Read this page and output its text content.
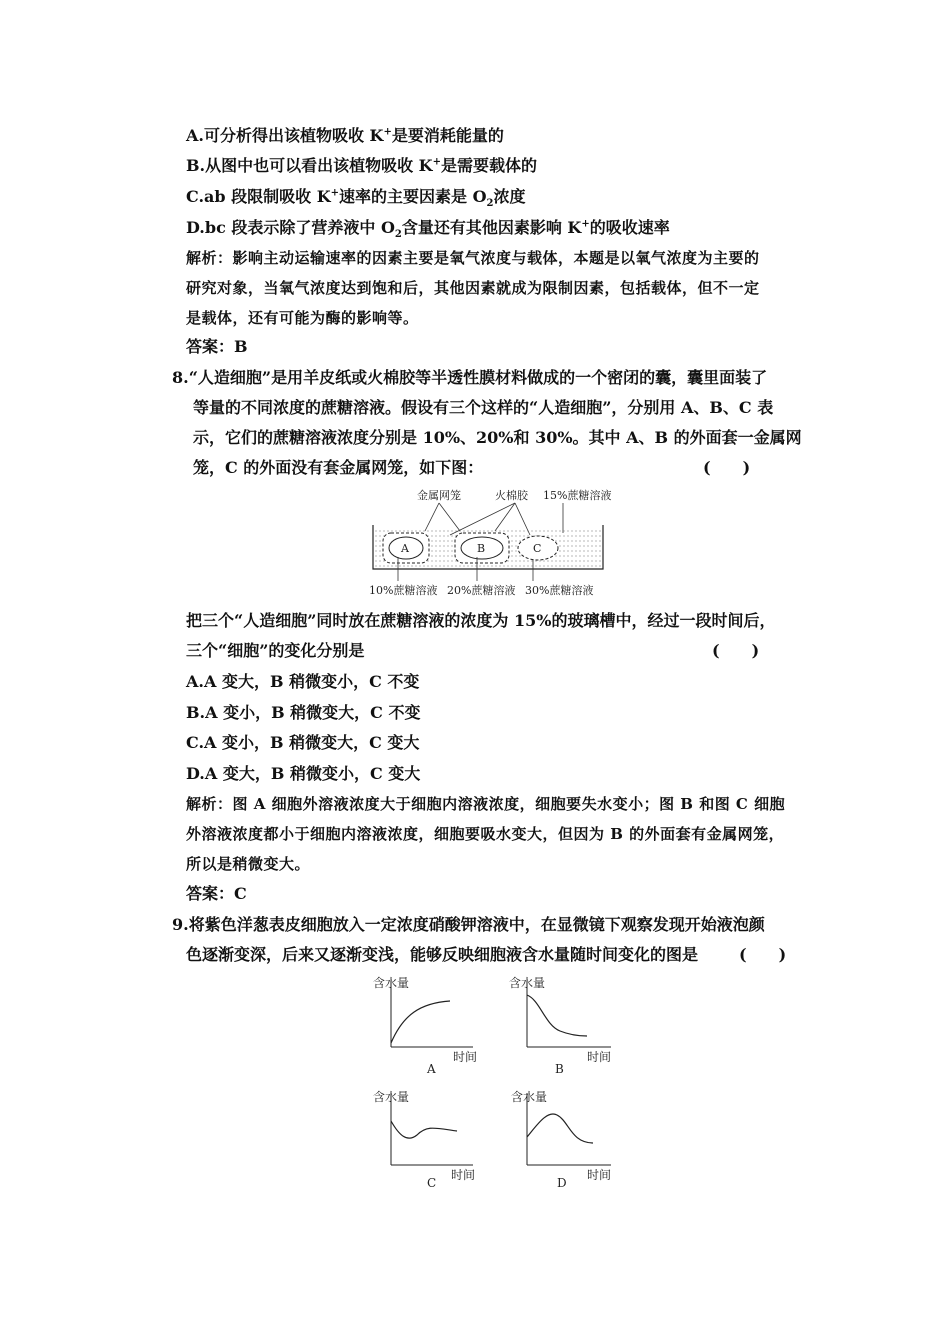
A.可分析得出该植物吸收 K+是要消耗能量的
B.从图中也可以看出该植物吸收 K+是需要载体的
C.ab 段限制吸收 K+速率的主要因素是 $O_2$浓度
D.bc 段表示除了营养液中 $O_2$含量还有其他因素影响 K+的吸收速率
解析：影响主动运输速率的因素主要是氧气浓度与载体，本题是以氧气浓度为主要的
研究对象，当氧气浓度达到饱和后，其他因素就成为限制因素，包括载体，但不一定
是载体，还有可能为酶的影响等。
答案：B
8.“人造细胞”是用羊皮纸或火棉胶等半透性膜材料做成的一个密闭的囊，囊里面装了
等量的不同浓度的蔗糖溶液。假设有三个这样的“人造细胞”，分别用 A、B、C 表
示，它们的蔗糖溶液浓度分别是 10%、20%和 30%。其中 A、B 的外面套一金属网
笼，C 的外面没有套金属网笼，如下图：	(　　)
金属网笼	火棉胶 15%蔗糖溶液
A	B	C
10%蔗糖溶液 20%蔗糖溶液 30%蔗糖溶液
把三个“人造细胞”同时放在蔗糖溶液的浓度为 15%的玻璃槽中，经过一段时间后，
三个“细胞”的变化分别是	(　　)
A.A 变大，B 稍微变小，C 不变
B.A 变小，B 稍微变大，C 不变
C.A 变小，B 稍微变大，C 变大
D.A 变大，B 稍微变小，C 变大
解析：图 A 细胞外溶液浓度大于细胞内溶液浓度，细胞要失水变小；图 B 和图 C 细胞
外溶液浓度都小于细胞内溶液浓度，细胞要吸水变大，但因为 B 的外面套有金属网笼，
所以是稍微变大。
答案：C
9.将紫色洋葱表皮细胞放入一定浓度硝酸钾溶液中，在显微镜下观察发现开始液泡颜
色逐渐变深，后来又逐渐变浅，能够反映细胞液含水量随时间变化的图是	(　　)
含水量
时间
A
含水量
时间
B
含水量
时间
C
含水量
时间
D
